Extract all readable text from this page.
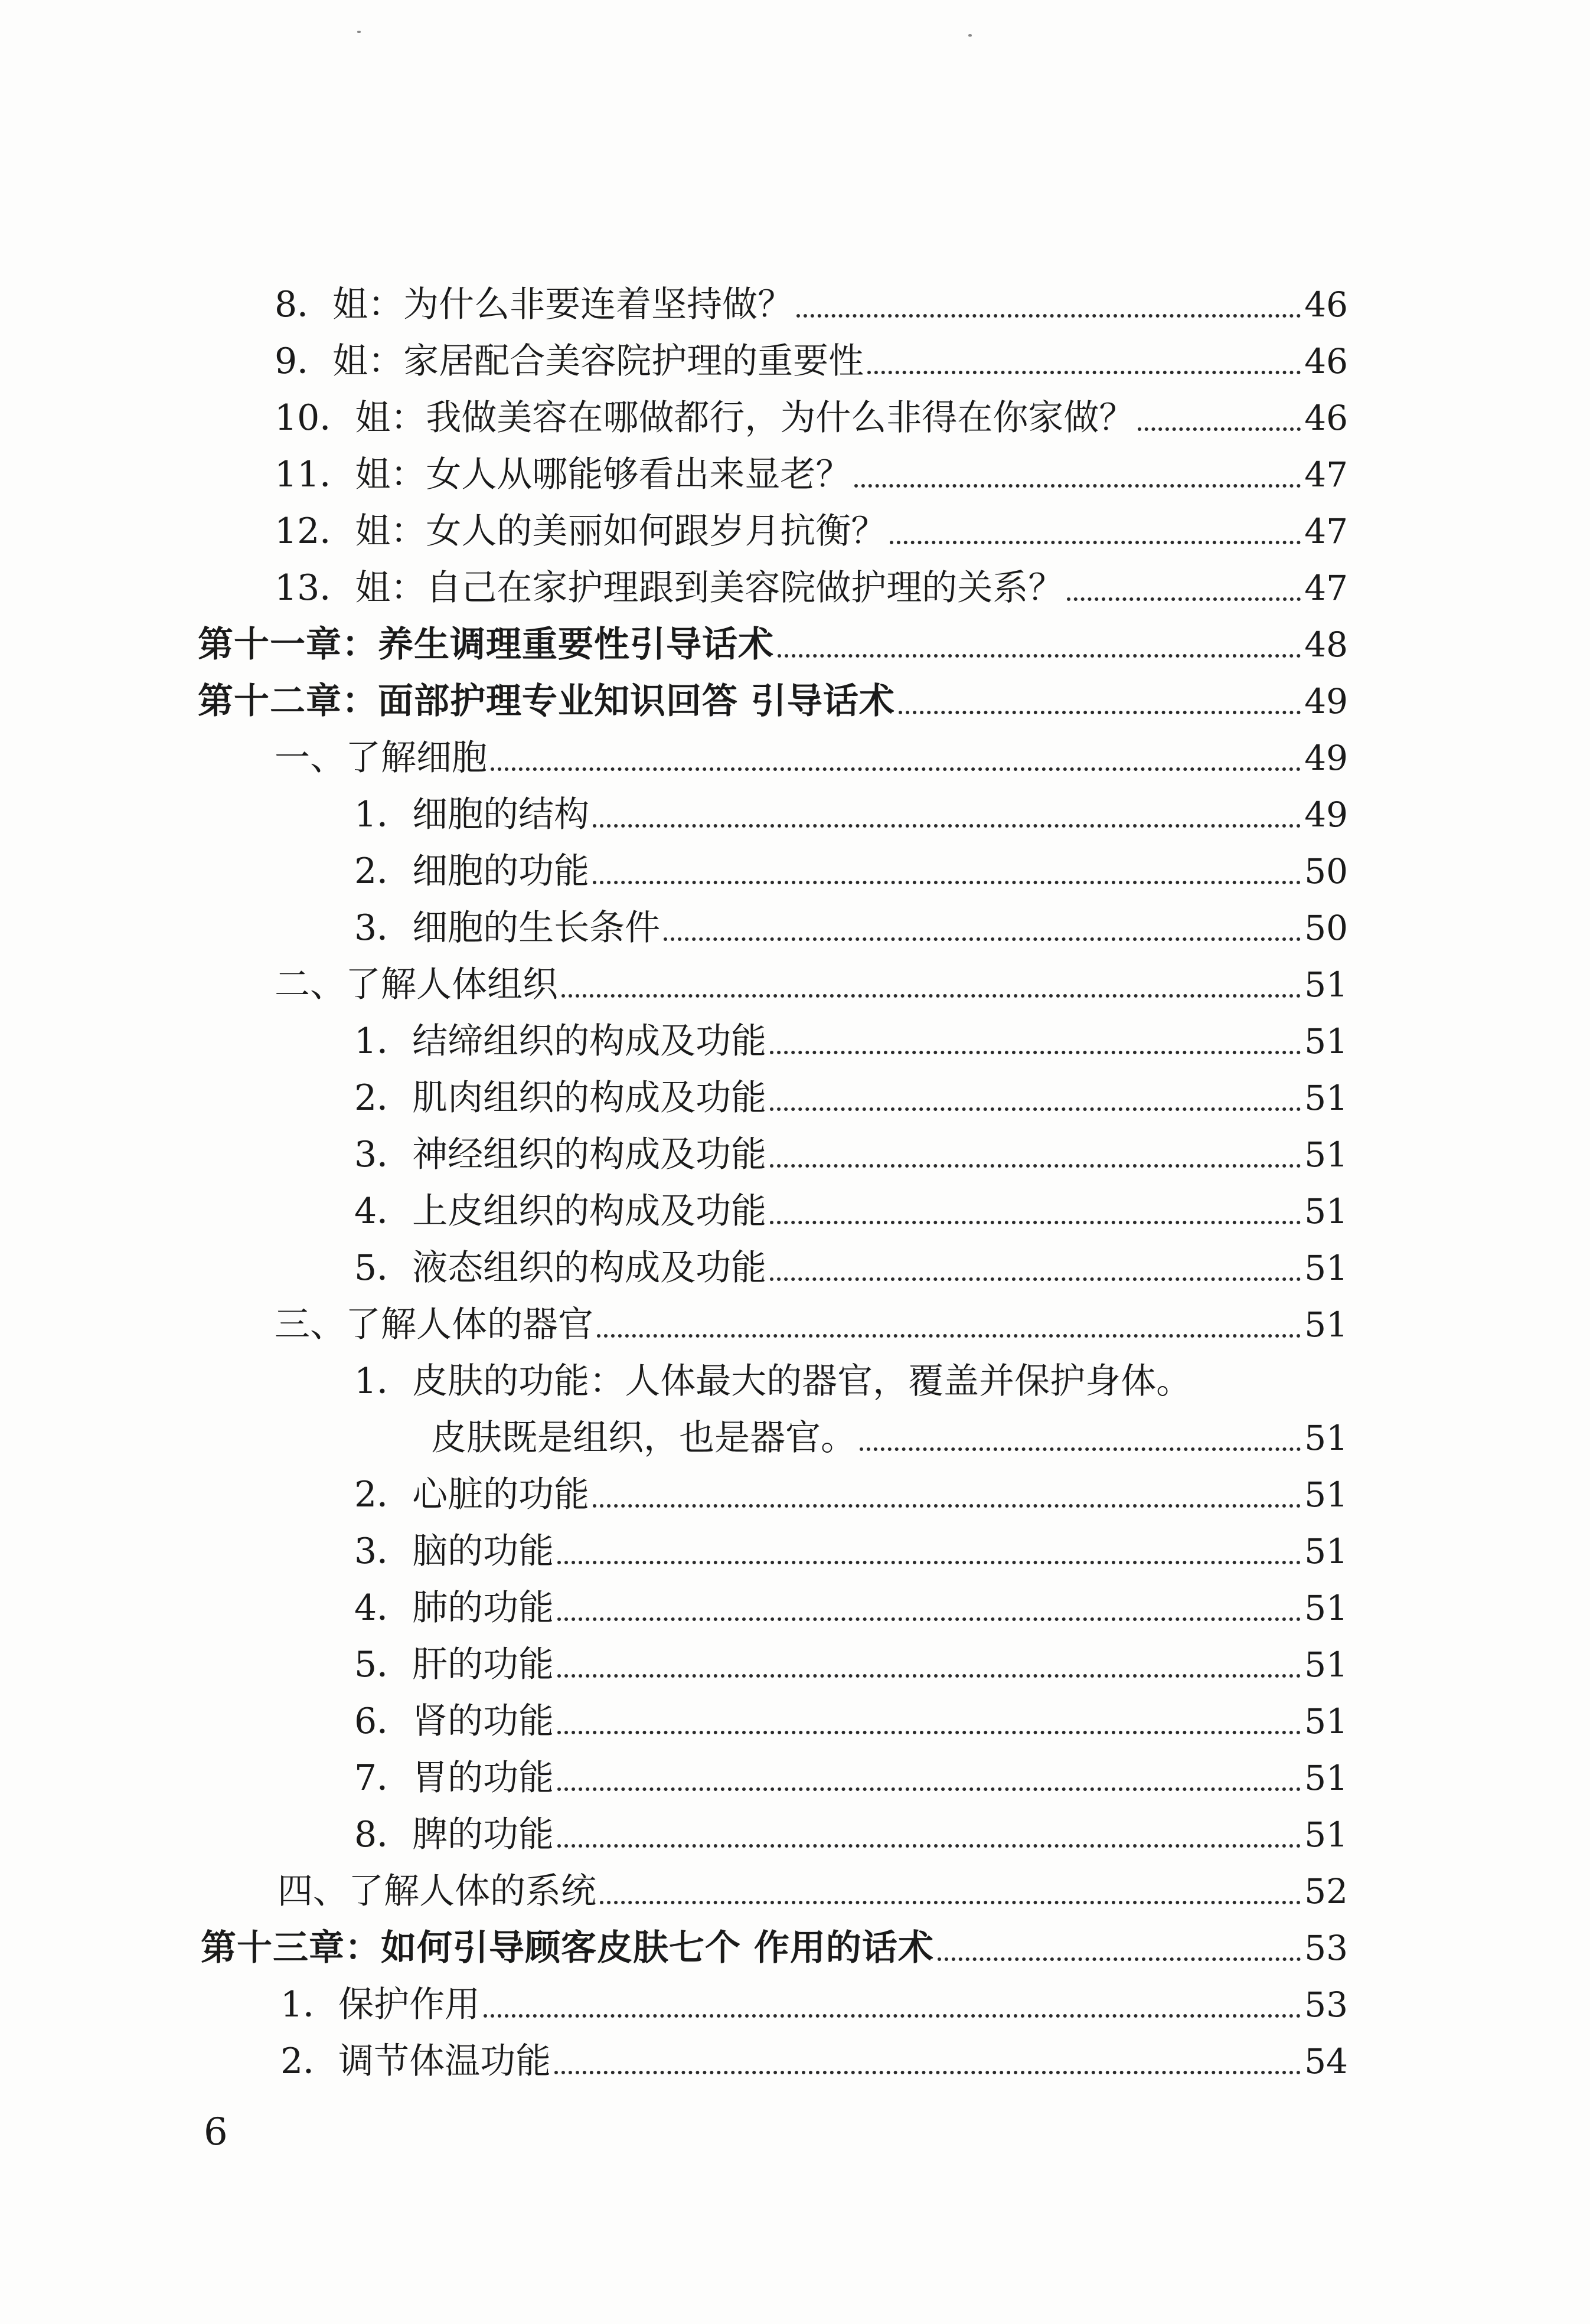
8．姐：为什么非要连着坚持做？	46
9．姐：家居配合美容院护理的重要性	46
10．姐：我做美容在哪做都行，为什么非得在你家做？	46
11．姐：女人从哪能够看出来显老？	47
12．姐：女人的美丽如何跟岁月抗衡？	47
13．姐：自己在家护理跟到美容院做护理的关系？	47
第十一章：养生调理重要性引导话术	48
第十二章：面部护理专业知识回答 引导话术	49
一、了解细胞	49
1．细胞的结构	49
2．细胞的功能	50
3．细胞的生长条件	50
二、了解人体组织	51
1．结缔组织的构成及功能	51
2．肌肉组织的构成及功能	51
3．神经组织的构成及功能	51
4．上皮组织的构成及功能	51
5．液态组织的构成及功能	51
三、了解人体的器官	51
1．皮肤的功能：人体最大的器官，覆盖并保护身体。
皮肤既是组织，也是器官。	51
2．心脏的功能	51
3．脑的功能	51
4．肺的功能	51
5．肝的功能	51
6．肾的功能	51
7．胃的功能	51
8．脾的功能	51
四、了解人体的系统	52
第十三章：如何引导顾客皮肤七个 作用的话术	53
1．保护作用	53
2．调节体温功能	54
6
